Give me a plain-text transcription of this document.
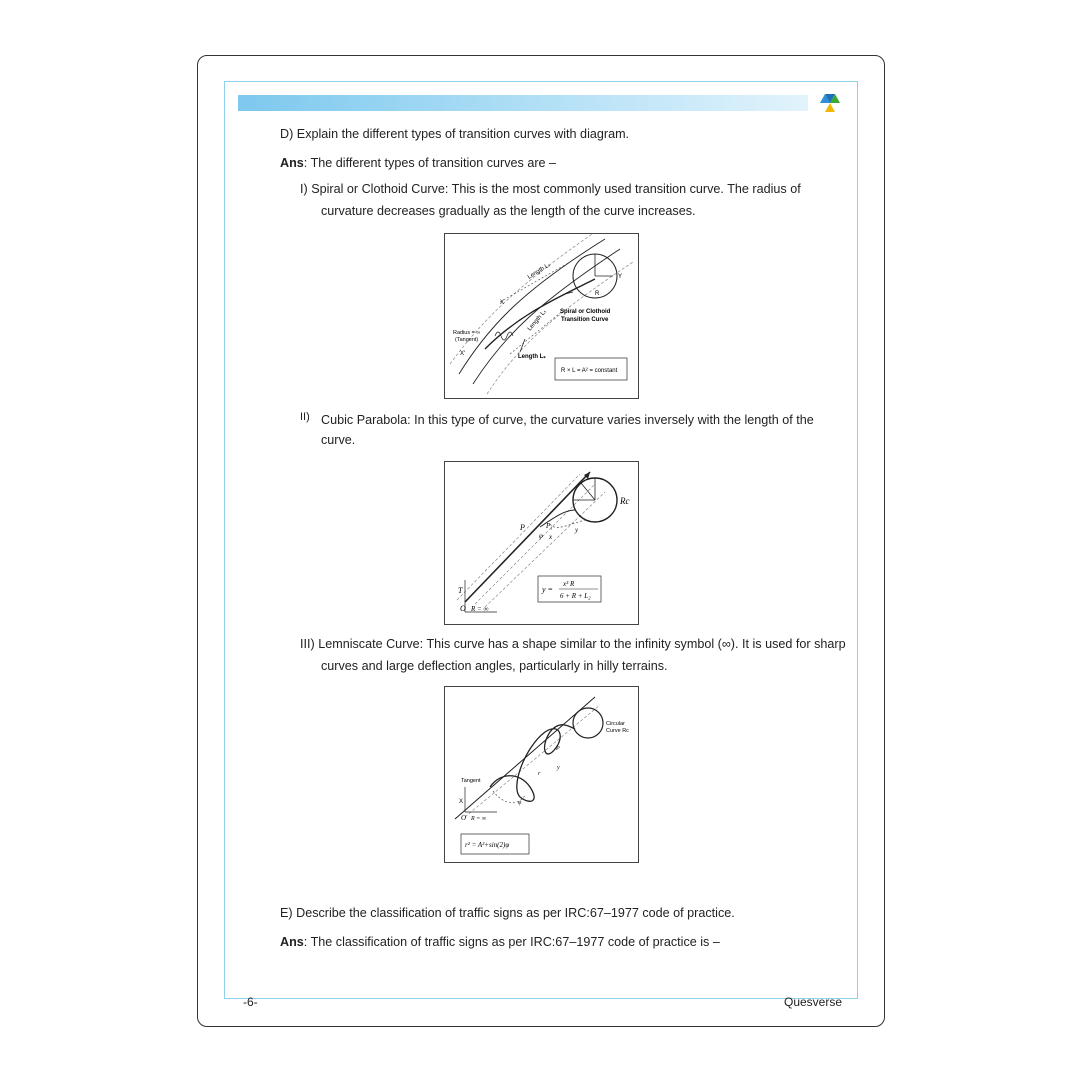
D) Explain the different types of transition curves with diagram.
Ans: The different types of transition curves are –
I) Spiral or Clothoid Curve: This is the most commonly used transition curve. The radius of
curvature decreases gradually as the length of the curve increases.
Length Lₛ
Length Lₛ
Length Lₛ
Spiral or Clothoid
Transition Curve
Radius = ∞
(Tangent)
X
X'
Y
R
R × L = A² = constant
II) Cubic Parabola: In this type of curve, the curvature varies inversely with the length of the
curve.
Rc
P	P₁
φ x
y
T
O R = ∞
y =
x³ R
6 + R + L₂
III) Lemniscate Curve: This curve has a shape similar to the infinity symbol (∞). It is used for sharp
curves and large deflection angles, particularly in hilly terrains.
Circular
Curve Rc
Tangent
X
O R = ∞
P
r
φ
y
r² = A²+sin(2)φ
E) Describe the classification of traffic signs as per IRC:67–1977 code of practice.
Ans: The classification of traffic signs as per IRC:67–1977 code of practice is –
-6-	Quesverse
